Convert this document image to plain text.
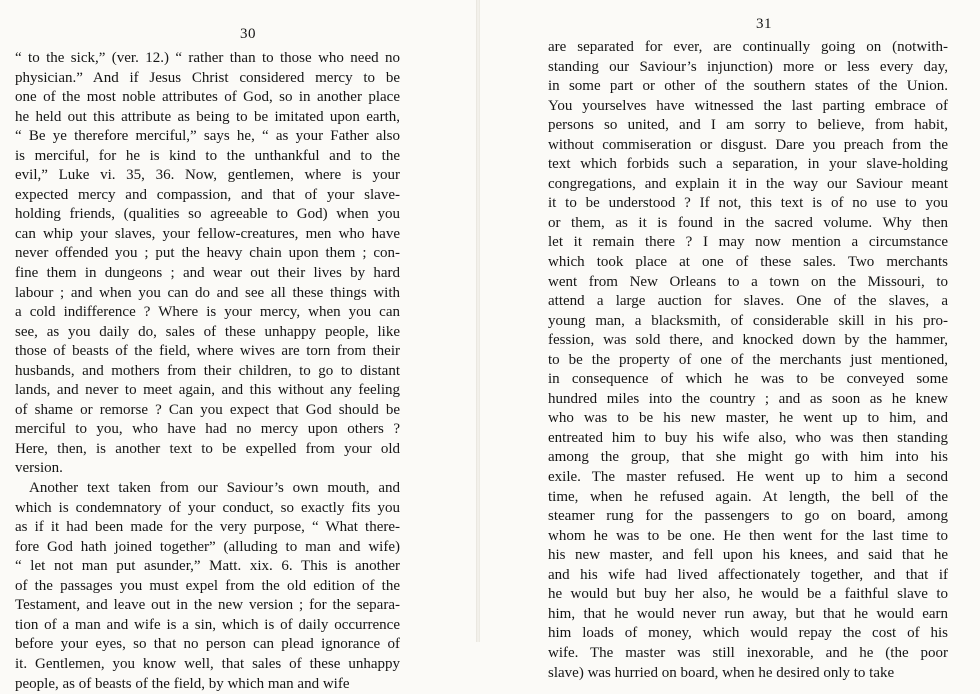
30
“ to the sick,” (ver. 12.) “ rather than to those who need no
physician.” And if Jesus Christ considered mercy to be
one of the most noble attributes of God, so in another place
he held out this attribute as being to be imitated upon earth,
“ Be ye therefore merciful,” says he, “ as your Father also
is merciful, for he is kind to the unthankful and to the
evil,” Luke vi. 35, 36. Now, gentlemen, where is your
expected mercy and compassion, and that of your slave-
holding friends, (qualities so agreeable to God) when you
can whip your slaves, your fellow-creatures, men who have
never offended you ; put the heavy chain upon them ; con-
fine them in dungeons ; and wear out their lives by hard
labour ; and when you can do and see all these things with
a cold indifference ? Where is your mercy, when you can
see, as you daily do, sales of these unhappy people, like
those of beasts of the field, where wives are torn from their
husbands, and mothers from their children, to go to distant
lands, and never to meet again, and this without any feeling
of shame or remorse ? Can you expect that God should be
merciful to you, who have had no mercy upon others ?
Here, then, is another text to be expelled from your old
version.
Another text taken from our Saviour’s own mouth, and
which is condemnatory of your conduct, so exactly fits you
as if it had been made for the very purpose, “ What there-
fore God hath joined together” (alluding to man and wife)
“ let not man put asunder,” Matt. xix. 6. This is another
of the passages you must expel from the old edition of the
Testament, and leave out in the new version ; for the separa-
tion of a man and wife is a sin, which is of daily occurrence
before your eyes, so that no person can plead ignorance of
it. Gentlemen, you know well, that sales of these unhappy
people, as of beasts of the field, by which man and wife
31
are separated for ever, are continually going on (notwith-
standing our Saviour’s injunction) more or less every day,
in some part or other of the southern states of the Union.
You yourselves have witnessed the last parting embrace of
persons so united, and I am sorry to believe, from habit,
without commiseration or disgust. Dare you preach from the
text which forbids such a separation, in your slave-holding
congregations, and explain it in the way our Saviour meant
it to be understood ? If not, this text is of no use to you
or them, as it is found in the sacred volume. Why then
let it remain there ? I may now mention a circumstance
which took place at one of these sales. Two merchants
went from New Orleans to a town on the Missouri, to
attend a large auction for slaves. One of the slaves, a
young man, a blacksmith, of considerable skill in his pro-
fession, was sold there, and knocked down by the hammer,
to be the property of one of the merchants just mentioned,
in consequence of which he was to be conveyed some
hundred miles into the country ; and as soon as he knew
who was to be his new master, he went up to him, and
entreated him to buy his wife also, who was then standing
among the group, that she might go with him into his
exile. The master refused. He went up to him a second
time, when he refused again. At length, the bell of the
steamer rung for the passengers to go on board, among
whom he was to be one. He then went for the last time to
his new master, and fell upon his knees, and said that he
and his wife had lived affectionately together, and that if
he would but buy her also, he would be a faithful slave to
him, that he would never run away, but that he would earn
him loads of money, which would repay the cost of his
wife. The master was still inexorable, and he (the poor
slave) was hurried on board, when he desired only to take
